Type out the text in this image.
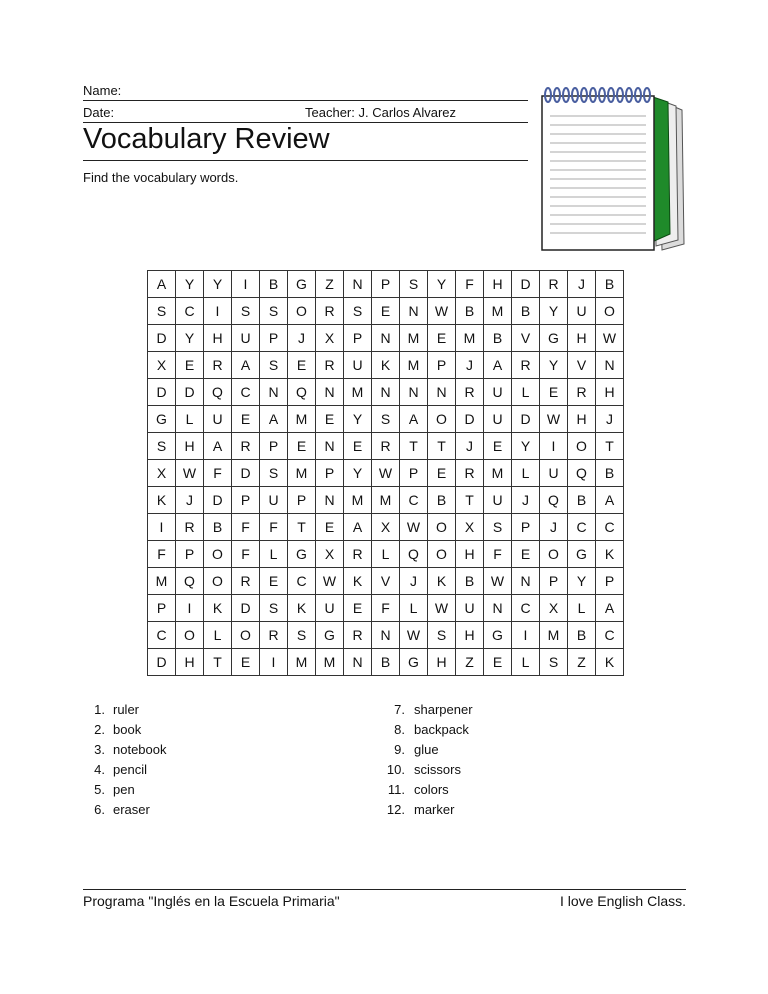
Name:
Date:	Teacher: J. Carlos Alvarez
Vocabulary Review
Find the vocabulary words.
A	Y	Y	I	B	G	Z	N	P	S	Y	F	H	D	R	J	B
S	C	I	S	S	O	R	S	E	N	W	B	M	B	Y	U	O
D	Y	H	U	P	J	X	P	N	M	E	M	B	V	G	H	W
X	E	R	A	S	E	R	U	K	M	P	J	A	R	Y	V	N
D	D	Q	C	N	Q	N	M	N	N	N	R	U	L	E	R	H
G	L	U	E	A	M	E	Y	S	A	O	D	U	D	W	H	J
S	H	A	R	P	E	N	E	R	T	T	J	E	Y	I	O	T
X	W	F	D	S	M	P	Y	W	P	E	R	M	L	U	Q	B
K	J	D	P	U	P	N	M	M	C	B	T	U	J	Q	B	A
I	R	B	F	F	T	E	A	X	W	O	X	S	P	J	C	C
F	P	O	F	L	G	X	R	L	Q	O	H	F	E	O	G	K
M	Q	O	R	E	C	W	K	V	J	K	B	W	N	P	Y	P
P	I	K	D	S	K	U	E	F	L	W	U	N	C	X	L	A
C	O	L	O	R	S	G	R	N	W	S	H	G	I	M	B	C
D	H	T	E	I	M	M	N	B	G	H	Z	E	L	S	Z	K
1. ruler
2. book
3. notebook
4. pencil
5. pen
6. eraser
7. sharpener
8. backpack
9. glue
10. scissors
11. colors
12. marker
Programa "Inglés en la Escuela Primaria"	I love English Class.
